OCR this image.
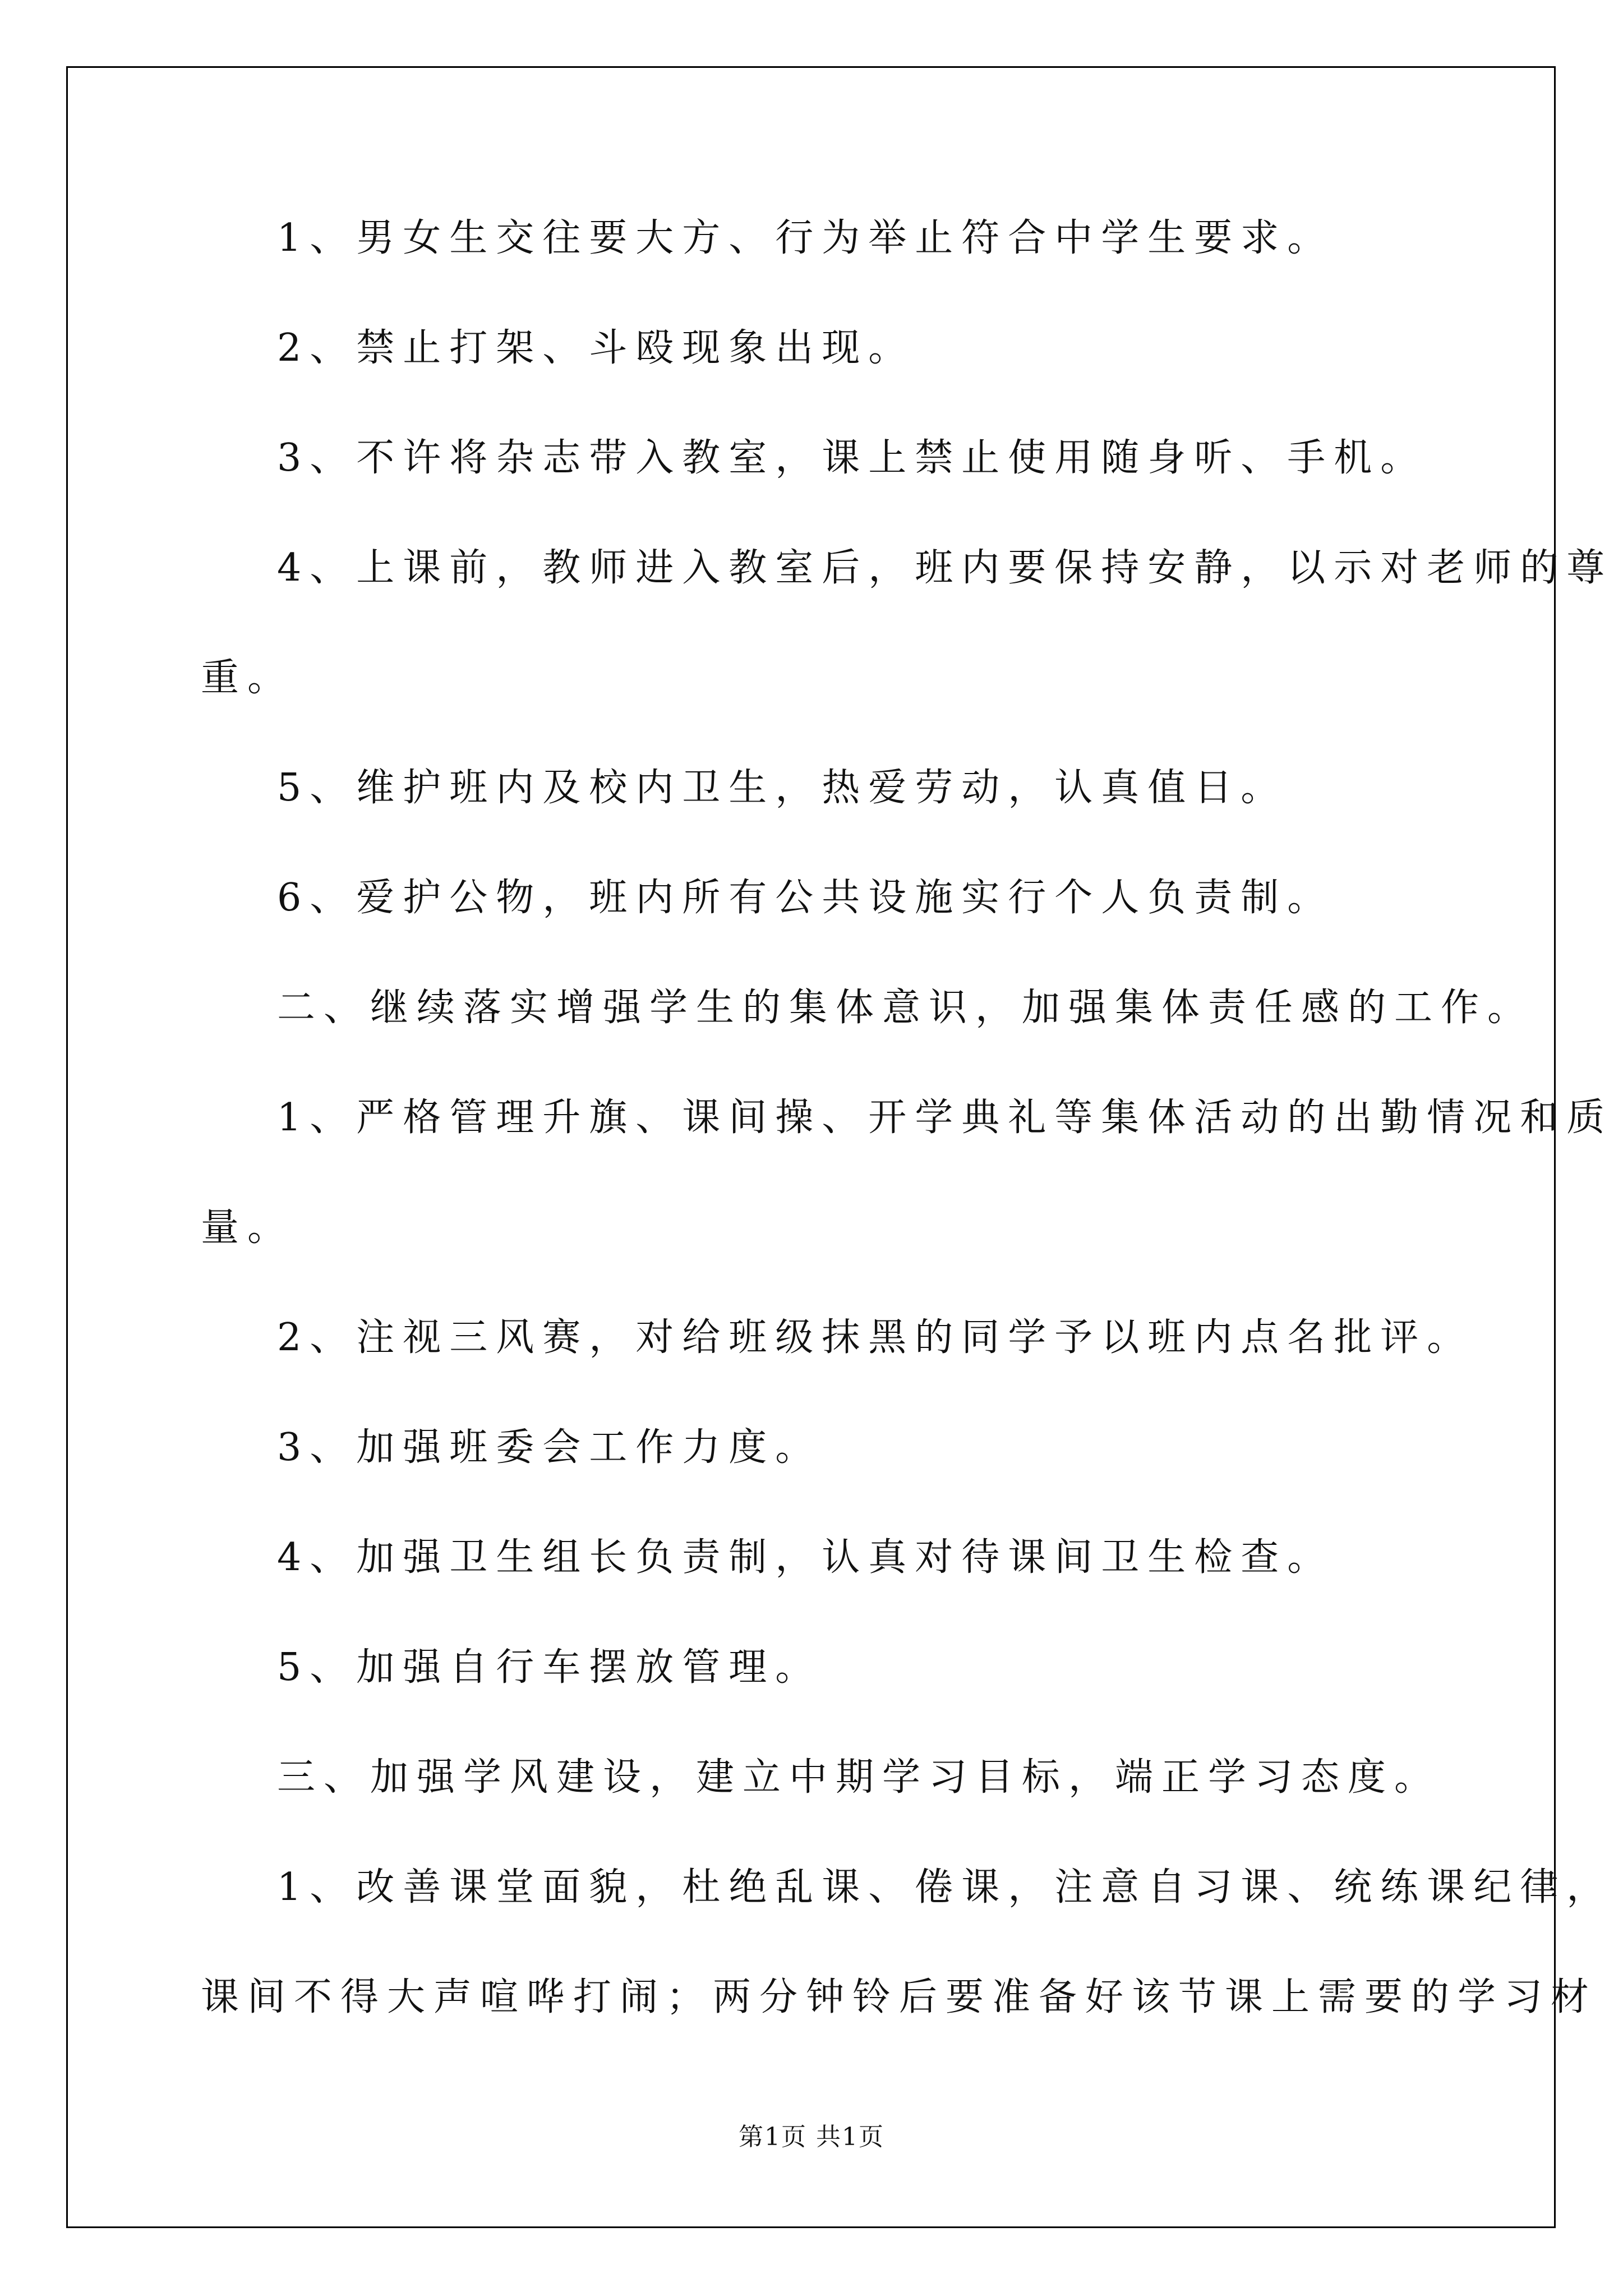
1、男女生交往要大方、行为举止符合中学生要求。
2、禁止打架、斗殴现象出现。
3、不许将杂志带入教室，课上禁止使用随身听、手机。
4、上课前，教师进入教室后，班内要保持安静，以示对老师的尊
重。
5、维护班内及校内卫生，热爱劳动，认真值日。
6、爱护公物，班内所有公共设施实行个人负责制。
二、继续落实增强学生的集体意识，加强集体责任感的工作。
1、严格管理升旗、课间操、开学典礼等集体活动的出勤情况和质
量。
2、注视三风赛，对给班级抹黑的同学予以班内点名批评。
3、加强班委会工作力度。
4、加强卫生组长负责制，认真对待课间卫生检查。
5、加强自行车摆放管理。
三、加强学风建设，建立中期学习目标，端正学习态度。
1、改善课堂面貌，杜绝乱课、倦课，注意自习课、统练课纪律，
课间不得大声喧哗打闹；两分钟铃后要准备好该节课上需要的学习材
第1页 共1页
